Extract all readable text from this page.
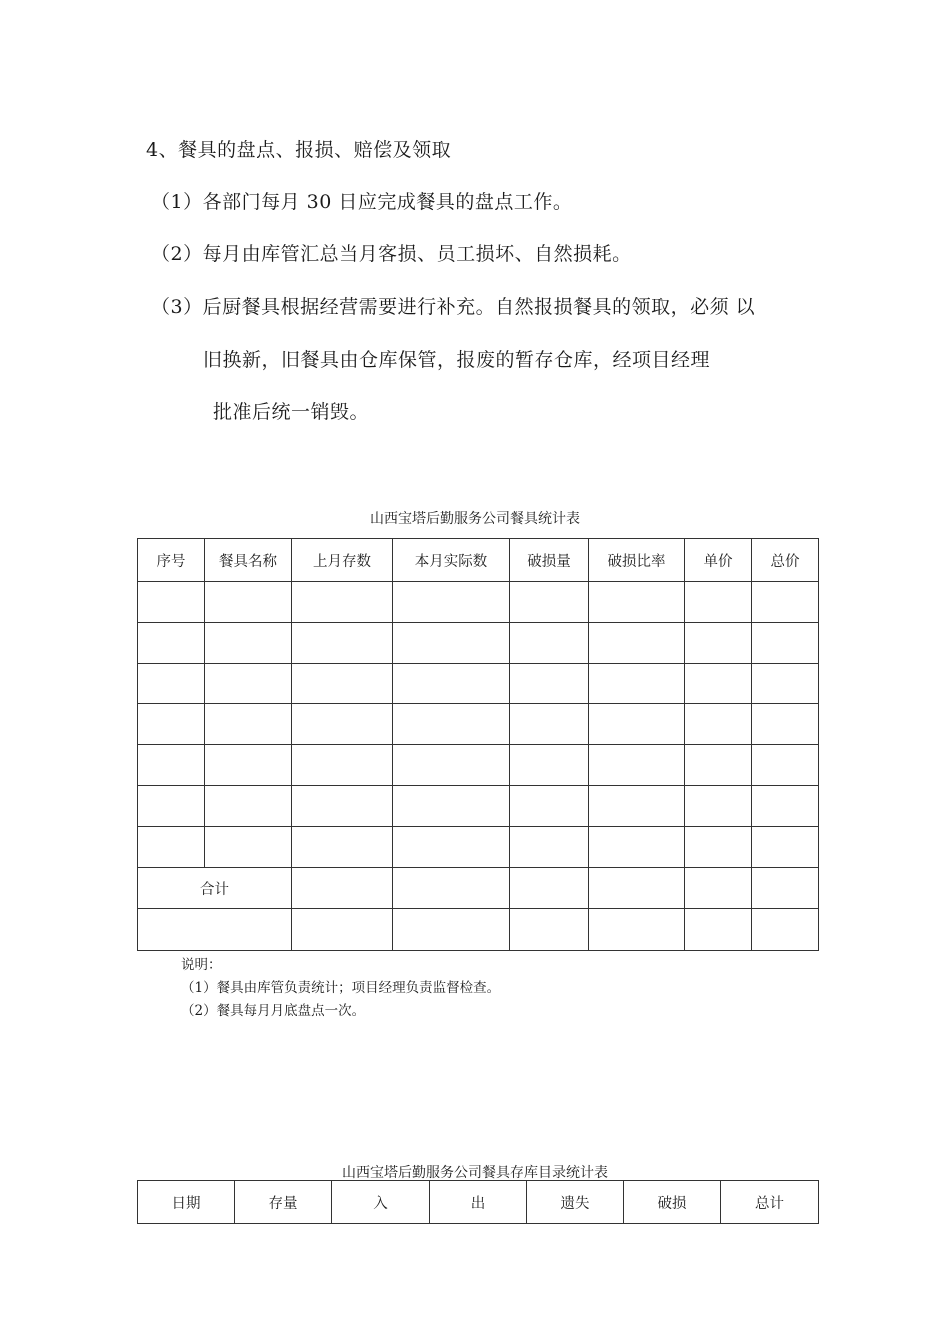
4、餐具的盘点、报损、赔偿及领取
（1）各部门每月 30 日应完成餐具的盘点工作。
（2）每月由库管汇总当月客损、员工损坏、自然损耗。
（3）后厨餐具根据经营需要进行补充。自然报损餐具的领取，必须 以
旧换新，旧餐具由仓库保管，报废的暂存仓库，经项目经理
批准后统一销毁。
山西宝塔后勤服务公司餐具统计表
序号	餐具名称	上月存数	本月实际数	破损量	破损比率	单价	总价

合计							

说明：
（1）餐具由库管负责统计；项目经理负责监督检查。
（2）餐具每月月底盘点一次。
山西宝塔后勤服务公司餐具存库目录统计表
日期	存量	入	出	遗失	破损	总计
